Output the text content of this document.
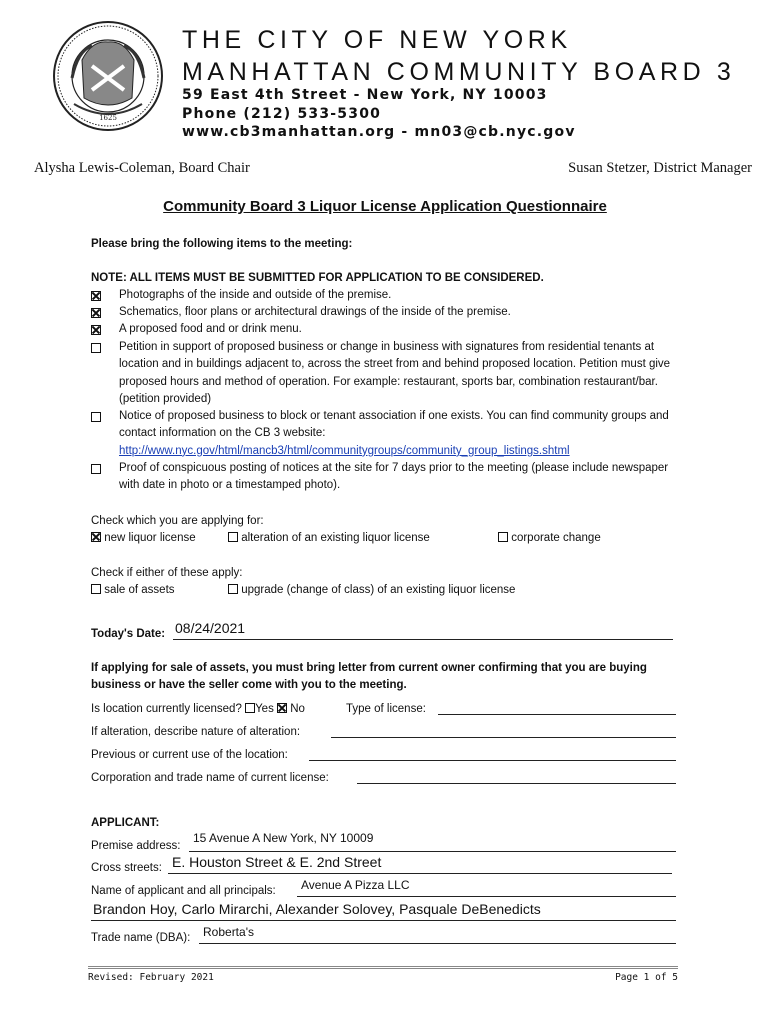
1625
THE CITY OF NEW YORK
MANHATTAN COMMUNITY BOARD 3
59 East 4th Street - New York, NY 10003
Phone (212) 533-5300
www.cb3manhattan.org - mn03@cb.nyc.gov
Alysha Lewis-Coleman, Board Chair	Susan Stetzer, District Manager
Community Board 3 Liquor License Application Questionnaire
Please bring the following items to the meeting:
NOTE: ALL ITEMS MUST BE SUBMITTED FOR APPLICATION TO BE CONSIDERED.
Photographs of the inside and outside of the premise.
Schematics, floor plans or architectural drawings of the inside of the premise.
A proposed food and or drink menu.
Petition in support of proposed business or change in business with signatures from residential tenants at location and in buildings adjacent to, across the street from and behind proposed location. Petition must give proposed hours and method of operation. For example: restaurant, sports bar, combination restaurant/bar. (petition provided)
Notice of proposed business to block or tenant association if one exists. You can find community groups and contact information on the CB 3 website:
http://www.nyc.gov/html/mancb3/html/communitygroups/community_group_listings.shtml
Proof of conspicuous posting of notices at the site for 7 days prior to the meeting (please include newspaper with date in photo or a timestamped photo).
Check which you are applying for:
new liquor license	alteration of an existing liquor license	corporate change
Check if either of these apply:
sale of assets	upgrade (change of class) of an existing liquor license
Today's Date: 08/24/2021
If applying for sale of assets, you must bring letter from current owner confirming that you are buying business or have the seller come with you to the meeting.
Is location currently licensed? Yes No	Type of license:
If alteration, describe nature of alteration:
Previous or current use of the location:
Corporation and trade name of current license:
APPLICANT:
Premise address:
15 Avenue A New York, NY 10009
Cross streets: E. Houston Street & E. 2nd Street
Name of applicant and all principals: Avenue A Pizza LLC
Brandon Hoy, Carlo Mirarchi, Alexander Solovey, Pasquale DeBenedicts
Trade name (DBA): Roberta's
Revised: February 2021	Page 1 of 5
